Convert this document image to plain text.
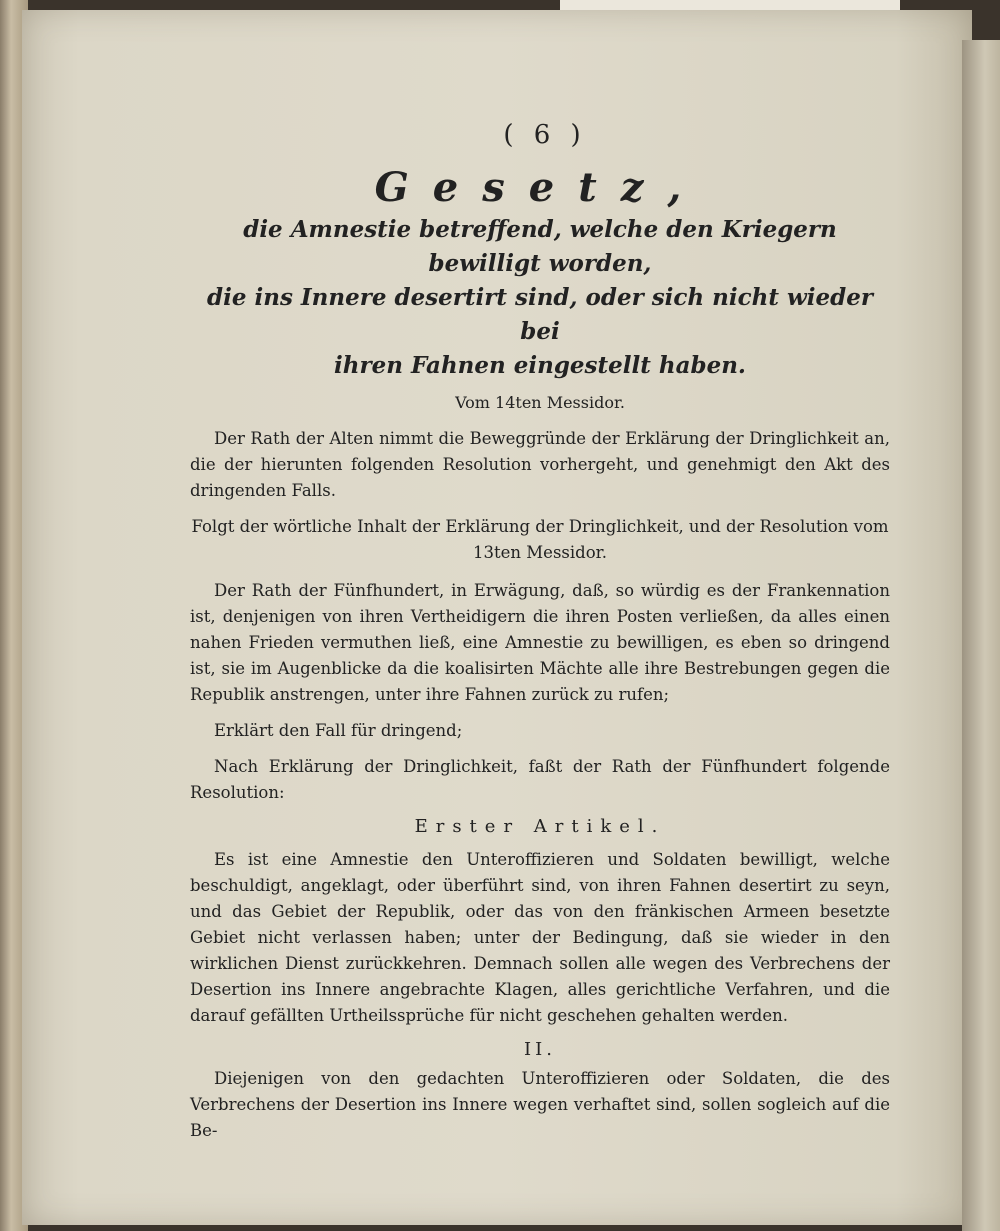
( 6 )
Gesetz,
die Amnestie betreffend, welche den Kriegern bewilligt worden,
die ins Innere desertirt sind, oder sich nicht wieder bei
ihren Fahnen eingestellt haben.
Vom 14ten Messidor.

Der Rath der Alten nimmt die Beweggründe der Erklärung der Dringlichkeit an, die der hierunten folgenden Resolution vorhergeht, und genehmigt den Akt des dringenden Falls.

Folgt der wörtliche Inhalt der Erklärung der Dringlichkeit, und der Resolution vom 13ten Messidor.

Der Rath der Fünfhundert, in Erwägung, daß, so würdig es der Frankennation ist, denjenigen von ihren Vertheidigern die ihren Posten verließen, da alles einen nahen Frieden vermuthen ließ, eine Amnestie zu bewilligen, es eben so dringend ist, sie im Augenblicke da die koalisirten Mächte alle ihre Bestrebungen gegen die Republik anstrengen, unter ihre Fahnen zurück zu rufen;

Erklärt den Fall für dringend;

Nach Erklärung der Dringlichkeit, faßt der Rath der Fünfhundert folgende Resolution:

Erster Artikel.

Es ist eine Amnestie den Unteroffizieren und Soldaten bewilligt, welche beschuldigt, angeklagt, oder überführt sind, von ihren Fahnen desertirt zu seyn, und das Gebiet der Republik, oder das von den fränkischen Armeen besetzte Gebiet nicht verlassen haben; unter der Bedingung, daß sie wieder in den wirklichen Dienst zurückkehren. Demnach sollen alle wegen des Verbrechens der Desertion ins Innere angebrachte Klagen, alles gerichtliche Verfahren, und die darauf gefällten Urtheilssprüche für nicht geschehen gehalten werden.

II.

Diejenigen von den gedachten Unteroffizieren oder Soldaten, die des Verbrechens der Desertion ins Innere wegen verhaftet sind, sollen sogleich auf die Be-
